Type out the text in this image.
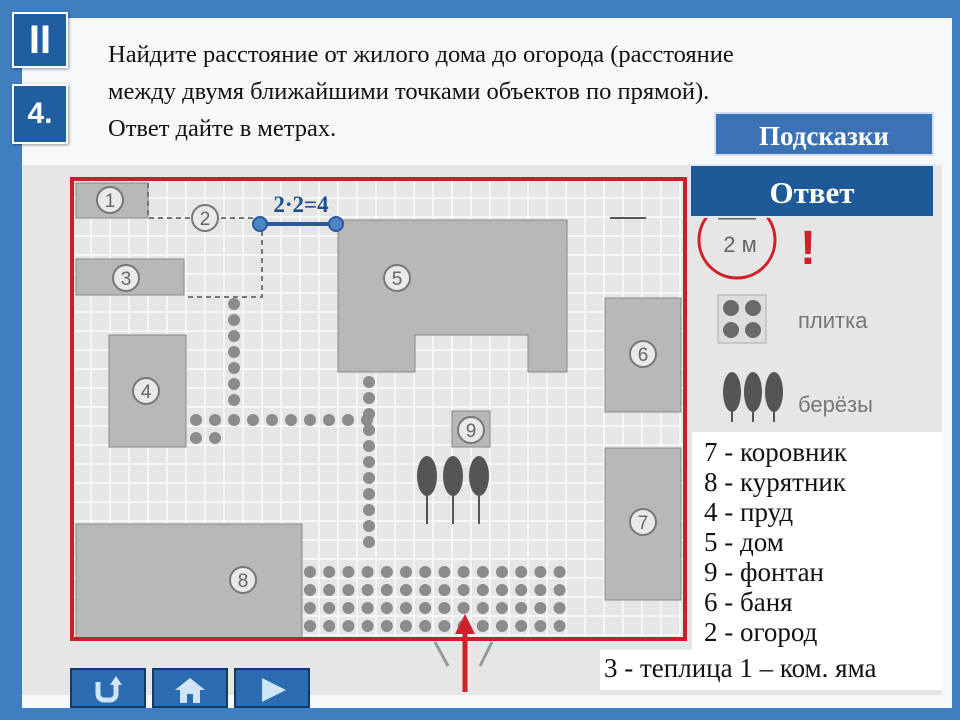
II
4.
Найдите расстояние от жилого дома до огорода (расстояние
между двумя ближайшими точками объектов по прямой).
Ответ дайте в метрах.	Подсказки
1
2
3
4
5
6
7
8
9
2·2=4
2 м !
плитка
берёзы
Ответ
7 - коровник
8 - курятник
4 - пруд
5 - дом
9 - фонтан
6 - баня
2 - огород
3 - теплица 1 – ком. яма
